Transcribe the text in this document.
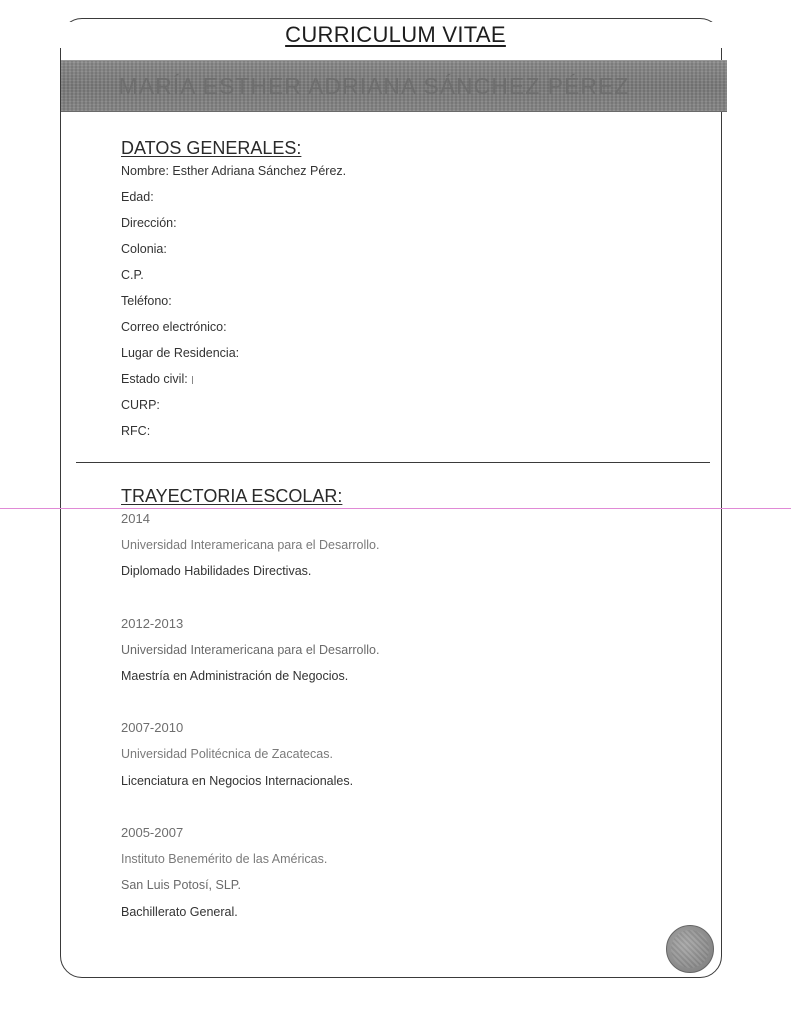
CURRICULUM VITAE
MARÍA ESTHER ADRIANA SÁNCHEZ PÉREZ
DATOS GENERALES:
Nombre: Esther Adriana Sánchez Pérez.
Edad:
Dirección:
Colonia:
C.P.
Teléfono:
Correo electrónico:
Lugar de Residencia:
Estado civil:
CURP:
RFC:
TRAYECTORIA ESCOLAR:
2014
Universidad Interamericana para el Desarrollo.
Diplomado Habilidades Directivas.
2012-2013
Universidad Interamericana para el Desarrollo.
Maestría en Administración de Negocios.
2007-2010
Universidad Politécnica de Zacatecas.
Licenciatura en Negocios Internacionales.
2005-2007
Instituto Benemérito de las Américas.
San Luis Potosí, SLP.
Bachillerato General.
